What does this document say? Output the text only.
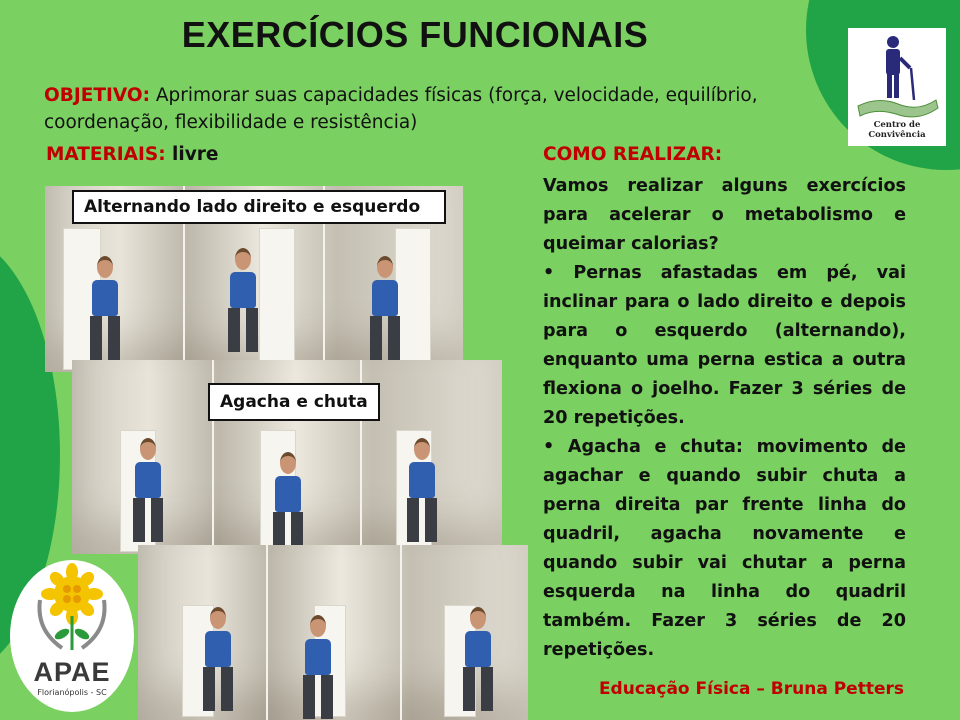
EXERCÍCIOS FUNCIONAIS
OBJETIVO: Aprimorar suas capacidades físicas (força, velocidade, equilíbrio, coordenação, flexibilidade e resistência)
MATERIAIS: livre	COMO REALIZAR:

Vamos realizar alguns exercícios para acelerar o metabolismo e queimar calorias?

• Pernas afastadas em pé, vai inclinar para o lado direito e depois para o esquerdo (alternando), enquanto uma perna estica a outra flexiona o joelho. Fazer 3 séries de 20 repetições.

• Agacha e chuta: movimento de agachar e quando subir chuta a perna direita par frente linha do quadril, agacha novamente e quando subir vai chutar a perna esquerda na linha do quadril também. Fazer 3 séries de 20 repetições.

Alternando lado direito e esquerdo
Agacha e chuta
Centro de Convivência
APAE
Florianópolis - SC	Educação Física – Bruna Petters
